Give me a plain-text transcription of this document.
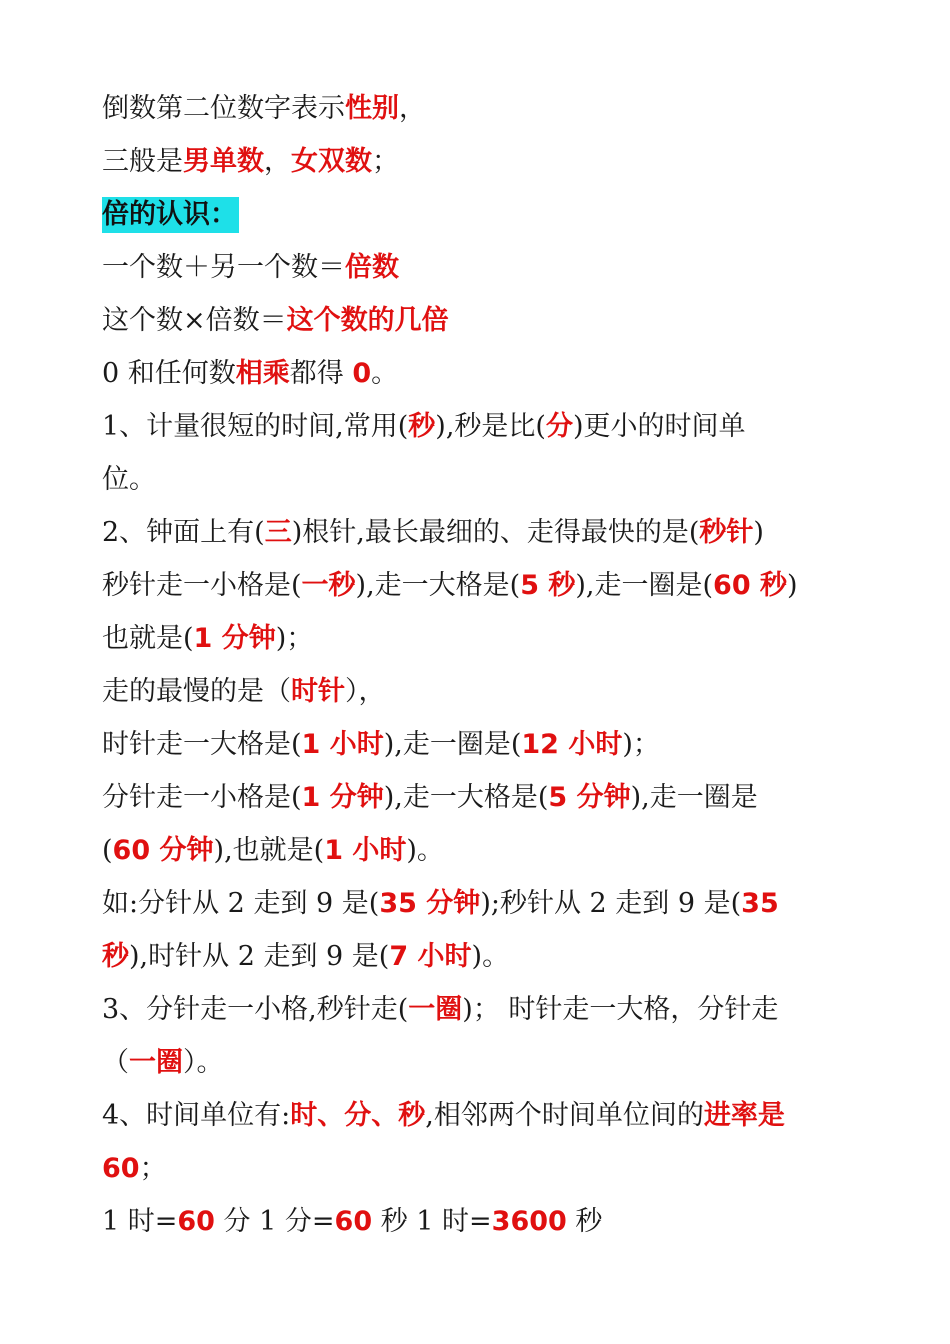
倒数第二位数字表示性别，
三般是男单数，女双数；
倍的认识：
一个数＋另一个数＝倍数
这个数×倍数＝这个数的几倍
0 和任何数相乘都得 0。
1、计量很短的时间,常用(秒),秒是比(分)更小的时间单
位。
2、钟面上有(三)根针,最长最细的、走得最快的是(秒针)
秒针走一小格是(一秒),走一大格是(5 秒),走一圈是(60 秒)
也就是(1 分钟)；
走的最慢的是（时针），
时针走一大格是(1 小时),走一圈是(12 小时)；
分针走一小格是(1 分钟),走一大格是(5 分钟),走一圈是
(60 分钟),也就是(1 小时)。
如:分针从 2 走到 9 是(35 分钟);秒针从 2 走到 9 是(35
秒),时针从 2 走到 9 是(7 小时)。
3、分针走一小格,秒针走(一圈)； 时针走一大格，分针走
（一圈）。
4、时间单位有:时、分、秒,相邻两个时间单位间的进率是
60；
1 时=60 分 1 分=60 秒 1 时=3600 秒
